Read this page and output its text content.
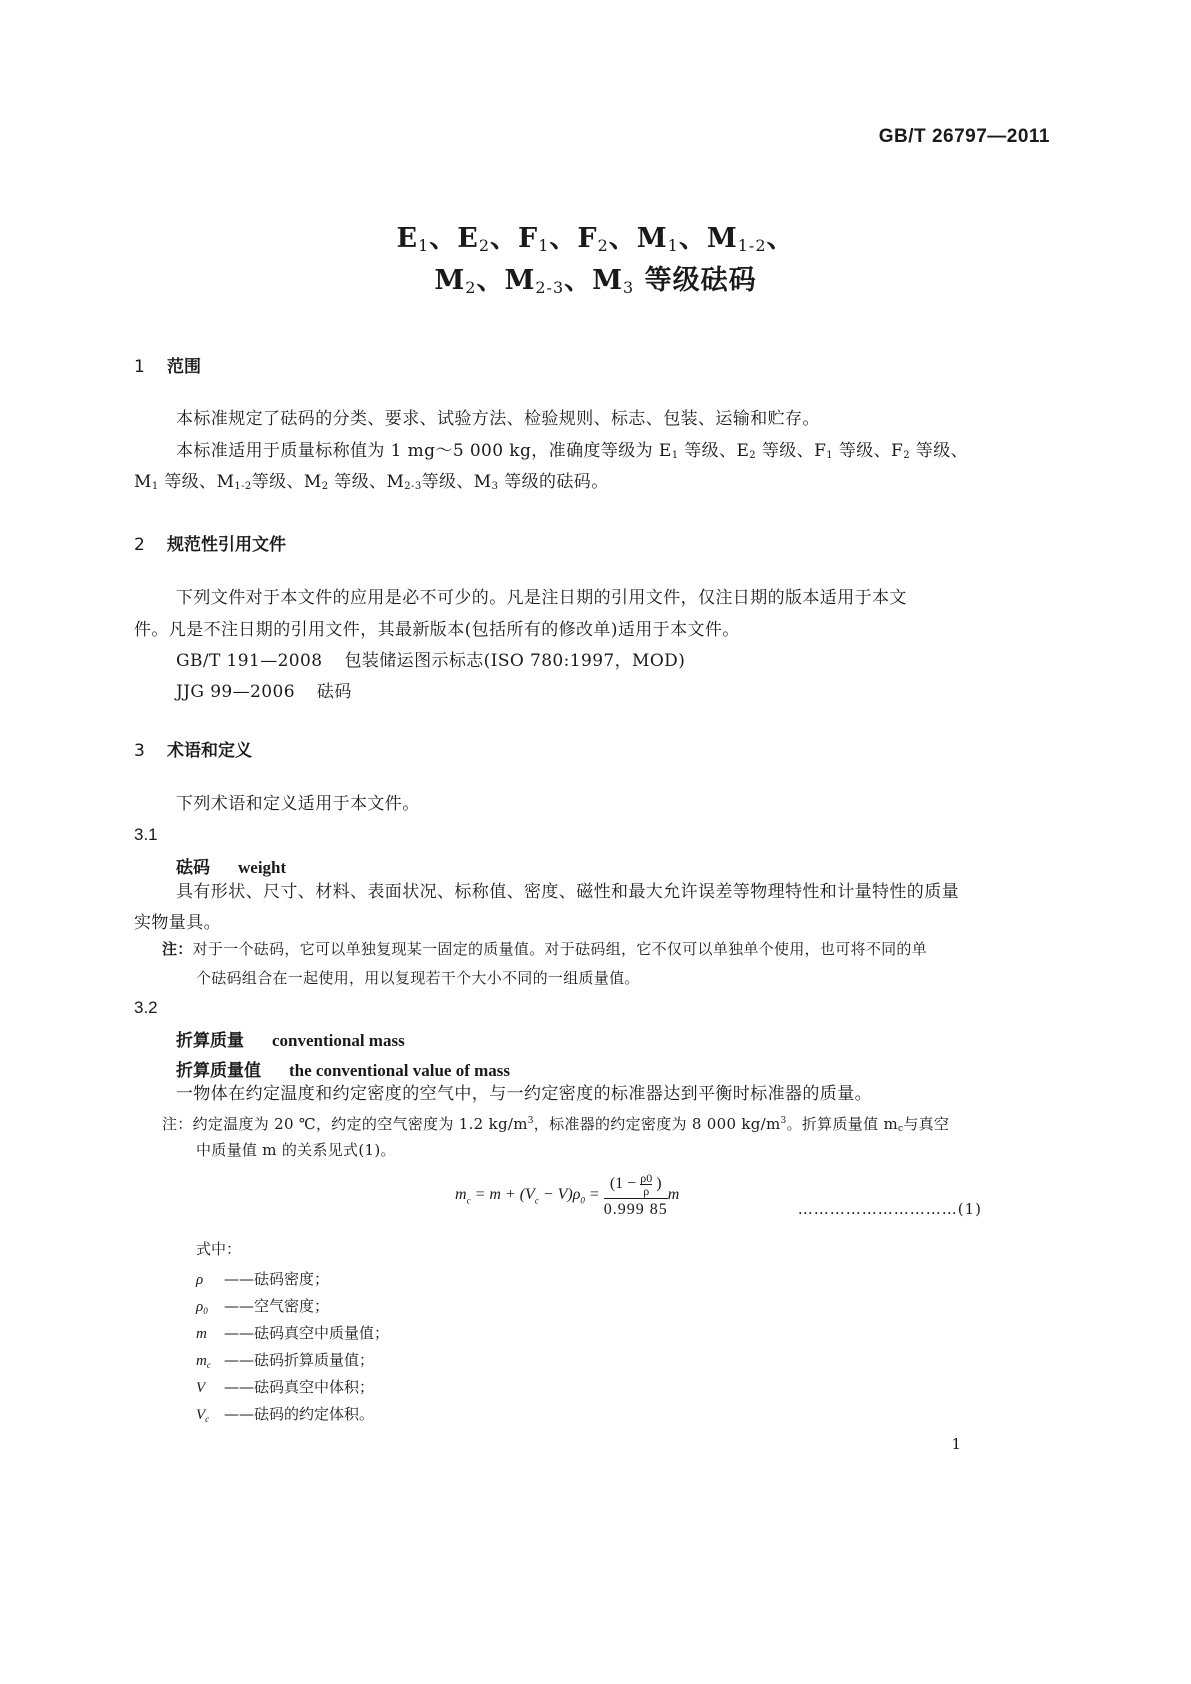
GB/T 26797—2011
$E_1$、$E_2$、$F_1$、$F_2$、$M_1$、$M_{1-2}$、
$M_2$、$M_{2-3}$、$M_3$ 等级砝码
1 范围
本标准规定了砝码的分类、要求、试验方法、检验规则、标志、包装、运输和贮存。
本标准适用于质量标称值为 1 mg～5 000 kg，准确度等级为 $E_1$ 等级、$E_2$ 等级、$F_1$ 等级、$F_2$ 等级、
$M_1$ 等级、$M_{1-2}$等级、$M_2$ 等级、$M_{2-3}$等级、$M_3$ 等级的砝码。
2 规范性引用文件
下列文件对于本文件的应用是必不可少的。凡是注日期的引用文件，仅注日期的版本适用于本文
件。凡是不注日期的引用文件，其最新版本(包括所有的修改单)适用于本文件。
GB/T 191—2008 包装储运图示标志(ISO 780:1997，MOD)
JJG 99—2006 砝码
3 术语和定义
下列术语和定义适用于本文件。
3.1
砝码 weight
具有形状、尺寸、材料、表面状况、标称值、密度、磁性和最大允许误差等物理特性和计量特性的质量
实物量具。
注：对于一个砝码，它可以单独复现某一固定的质量值。对于砝码组，它不仅可以单独单个使用，也可将不同的单
个砝码组合在一起使用，用以复现若干个大小不同的一组质量值。
3.2
折算质量 conventional mass
折算质量值 the conventional value of mass
一物体在约定温度和约定密度的空气中，与一约定密度的标准器达到平衡时标准器的质量。
注：约定温度为 20 ℃，约定的空气密度为 1.2 $kg/m^3$，标准器的约定密度为 8 000 $kg/m^3$。折算质量值 $m_c$与真空
中质量值 m 的关系见式(1)。
$m_c = m + (V_c - V)\rho_0 = \frac{(1 - \frac{\rho 0}{\rho} )}{0.999 85}$ m
…………………………(1)
式中：
ρ ——砝码密度；
$\rho_0$ ——空气密度；
m ——砝码真空中质量值；
$m_c$ ——砝码折算质量值；
V ——砝码真空中体积；
$V_c$ ——砝码的约定体积。
1
